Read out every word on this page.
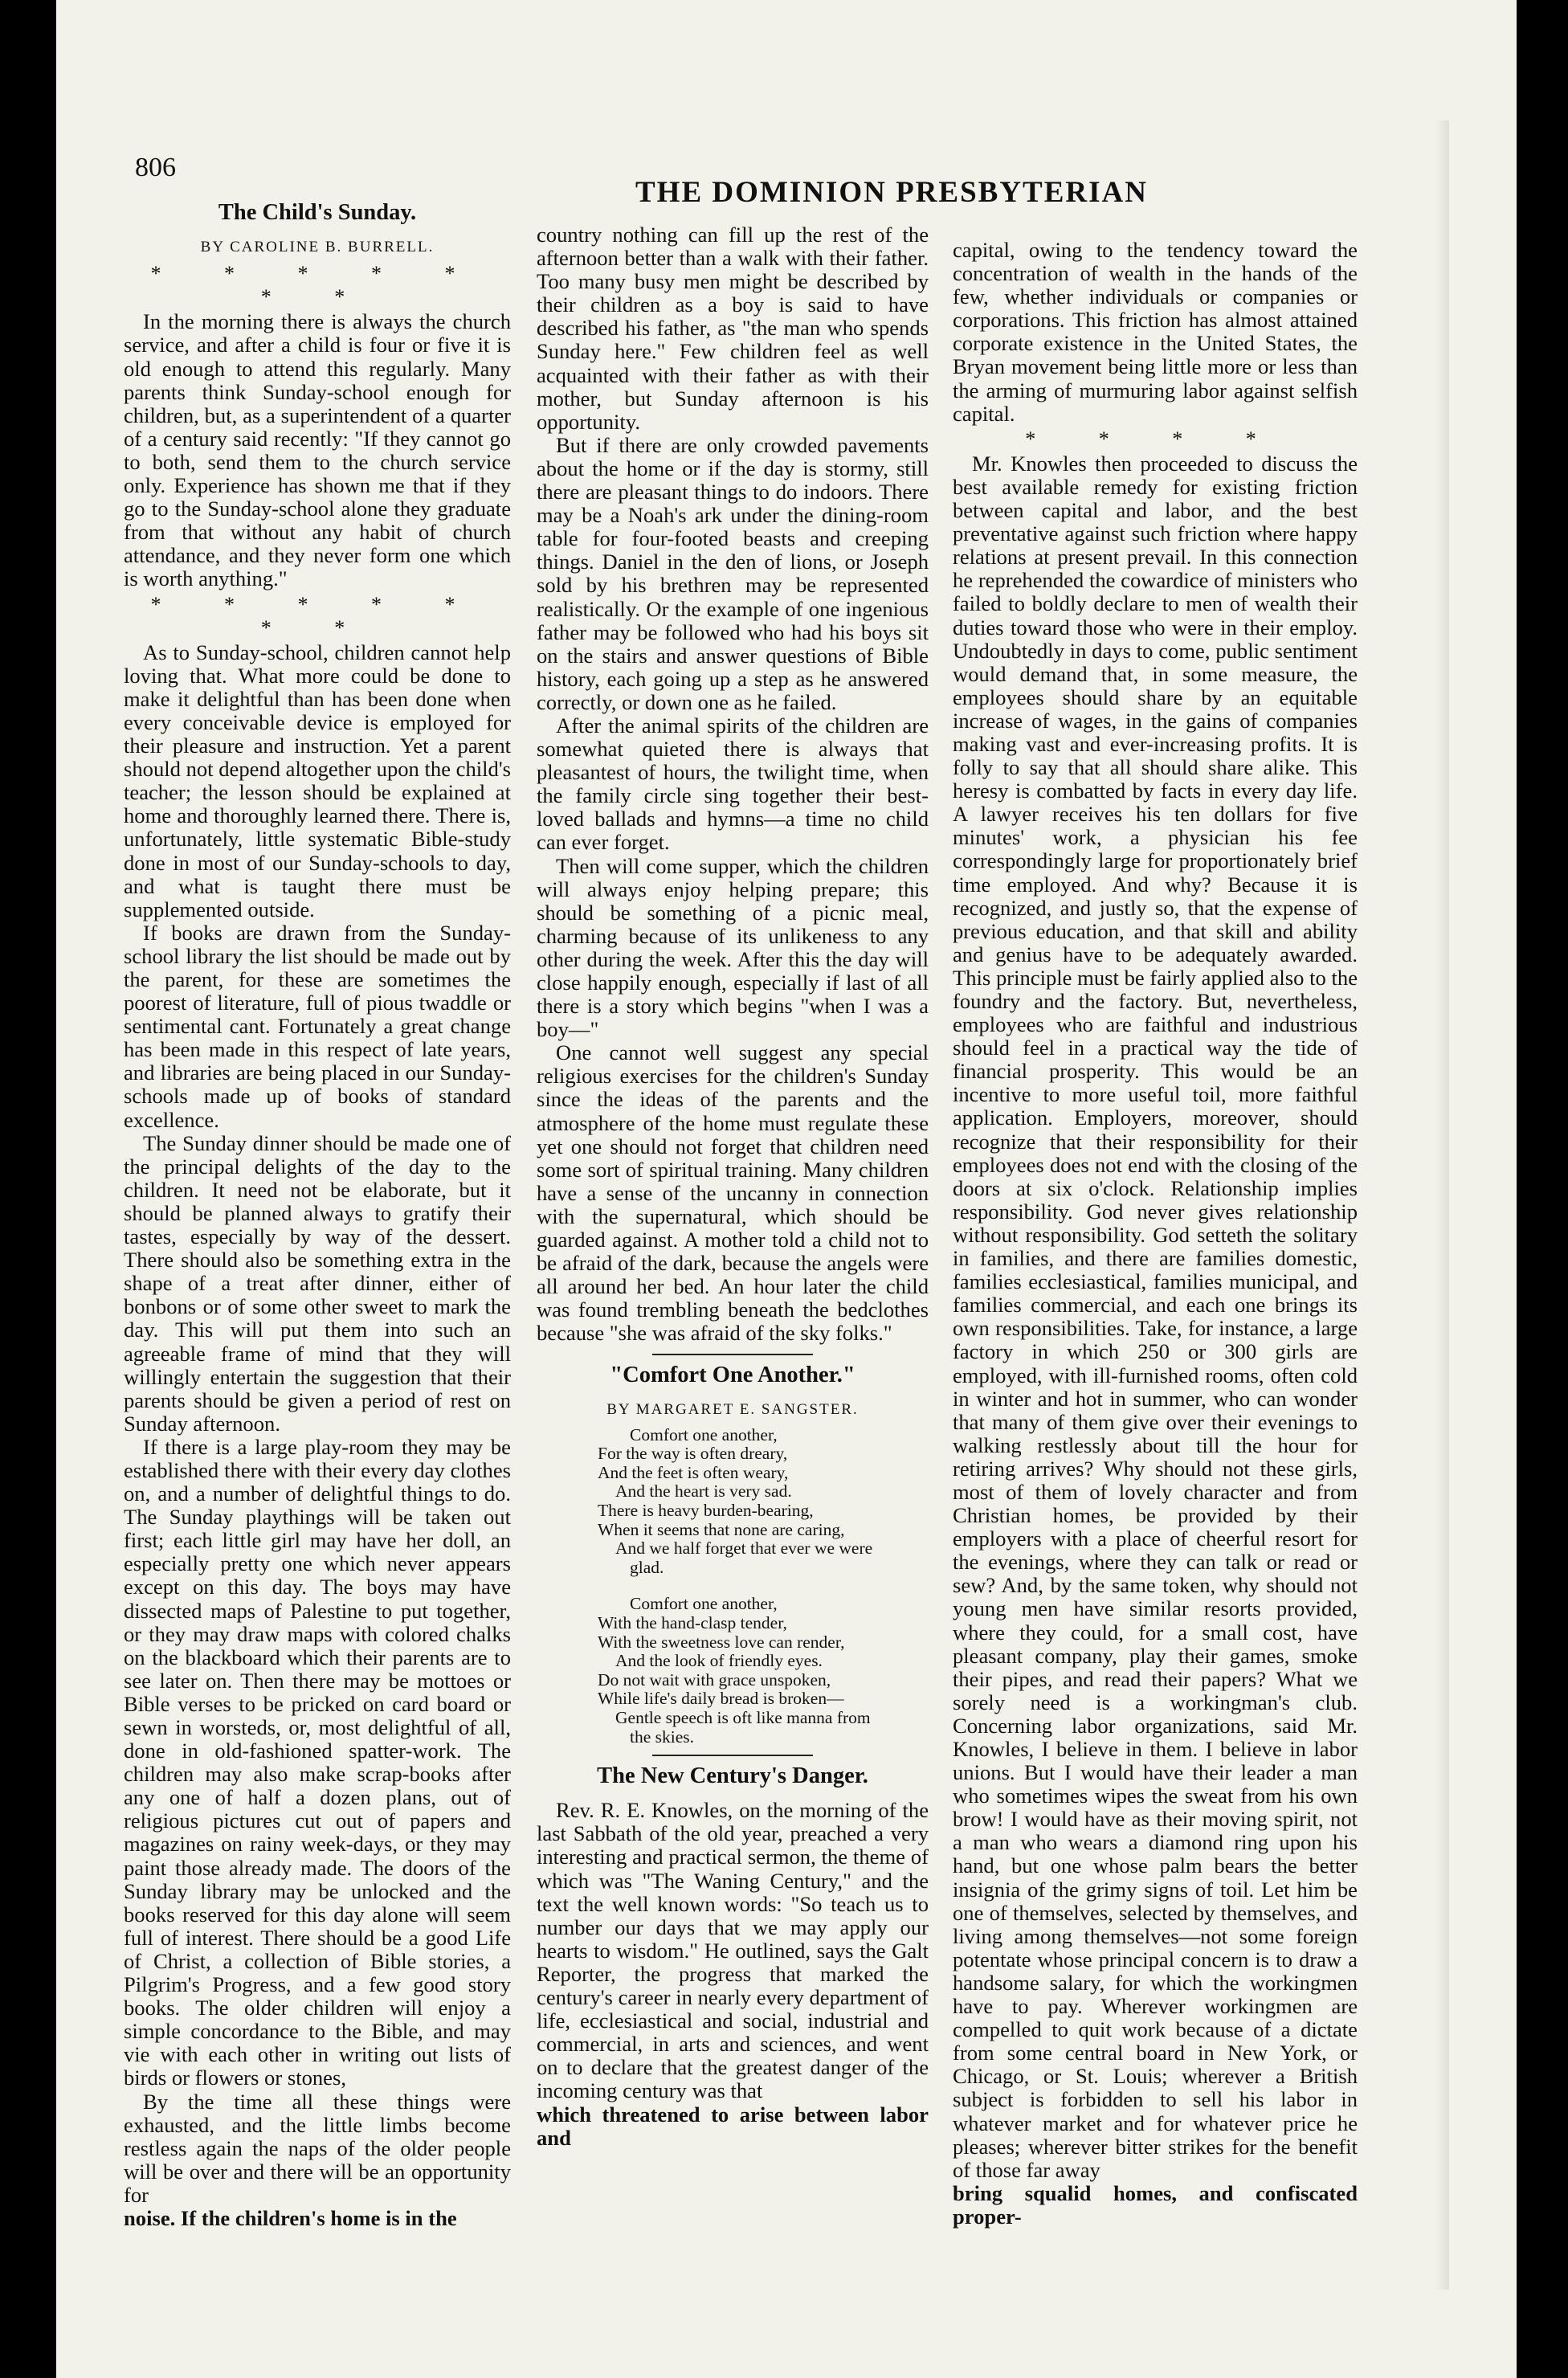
806
THE DOMINION PRESBYTERIAN
The Child's Sunday.
BY CAROLINE B. BURRELL.
* * * * * * *

In the morning there is always the church service, and after a child is four or five it is old enough to attend this regularly. Many parents think Sunday-school enough for children, but, as a superintendent of a quarter of a century said recently: "If they cannot go to both, send them to the church service only. Experience has shown me that if they go to the Sunday-school alone they graduate from that without any habit of church attendance, and they never form one which is worth anything."

* * * * * * *

As to Sunday-school, children cannot help loving that. What more could be done to make it delightful than has been done when every conceivable device is employed for their pleasure and instruction. Yet a parent should not depend altogether upon the child's teacher; the lesson should be explained at home and thoroughly learned there. There is, unfortunately, little systematic Bible-study done in most of our Sunday-schools to day, and what is taught there must be supplemented outside.

If books are drawn from the Sunday-school library the list should be made out by the parent, for these are sometimes the poorest of literature, full of pious twaddle or sentimental cant. Fortunately a great change has been made in this respect of late years, and libraries are being placed in our Sunday-schools made up of books of standard excellence.

The Sunday dinner should be made one of the principal delights of the day to the children. It need not be elaborate, but it should be planned always to gratify their tastes, especially by way of the dessert. There should also be something extra in the shape of a treat after dinner, either of bonbons or of some other sweet to mark the day. This will put them into such an agreeable frame of mind that they will willingly entertain the suggestion that their parents should be given a period of rest on Sunday afternoon.

If there is a large play-room they may be established there with their every day clothes on, and a number of delightful things to do. The Sunday playthings will be taken out first; each little girl may have her doll, an especially pretty one which never appears except on this day. The boys may have dissected maps of Palestine to put together, or they may draw maps with colored chalks on the blackboard which their parents are to see later on. Then there may be mottoes or Bible verses to be pricked on card board or sewn in worsteds, or, most delightful of all, done in old-fashioned spatter-work. The children may also make scrap-books after any one of half a dozen plans, out of religious pictures cut out of papers and magazines on rainy week-days, or they may paint those already made. The doors of the Sunday library may be unlocked and the books reserved for this day alone will seem full of interest. There should be a good Life of Christ, a collection of Bible stories, a Pilgrim's Progress, and a few good story books. The older children will enjoy a simple concordance to the Bible, and may vie with each other in writing out lists of birds or flowers or stones,

By the time all these things were exhausted, and the little limbs become restless again the naps of the older people will be over and there will be an opportunity for

noise. If the children's home is in the

country nothing can fill up the rest of the afternoon better than a walk with their father. Too many busy men might be described by their children as a boy is said to have described his father, as "the man who spends Sunday here." Few children feel as well acquainted with their father as with their mother, but Sunday afternoon is his opportunity.

But if there are only crowded pavements about the home or if the day is stormy, still there are pleasant things to do indoors. There may be a Noah's ark under the dining-room table for four-footed beasts and creeping things. Daniel in the den of lions, or Joseph sold by his brethren may be represented realistically. Or the example of one ingenious father may be followed who had his boys sit on the stairs and answer questions of Bible history, each going up a step as he answered correctly, or down one as he failed.

After the animal spirits of the children are somewhat quieted there is always that pleasantest of hours, the twilight time, when the family circle sing together their best-loved ballads and hymns—a time no child can ever forget.

Then will come supper, which the children will always enjoy helping prepare; this should be something of a picnic meal, charming because of its unlikeness to any other during the week. After this the day will close happily enough, especially if last of all there is a story which begins "when I was a boy—"

One cannot well suggest any special religious exercises for the children's Sunday since the ideas of the parents and the atmosphere of the home must regulate these yet one should not forget that children need some sort of spiritual training. Many children have a sense of the uncanny in connection with the supernatural, which should be guarded against. A mother told a child not to be afraid of the dark, because the angels were all around her bed. An hour later the child was found trembling beneath the bedclothes because "she was afraid of the sky folks."

"Comfort One Another."
BY MARGARET E. SANGSTER.
Comfort one another,
For the way is often dreary,
And the feet is often weary,
And the heart is very sad.
There is heavy burden-bearing,
When it seems that none are caring,
And we half forget that ever we were
glad.
Comfort one another,
With the hand-clasp tender,
With the sweetness love can render,
And the look of friendly eyes.
Do not wait with grace unspoken,
While life's daily bread is broken—
Gentle speech is oft like manna from
the skies.
The New Century's Danger.

Rev. R. E. Knowles, on the morning of the last Sabbath of the old year, preached a very interesting and practical sermon, the theme of which was "The Waning Century," and the text the well known words: "So teach us to number our days that we may apply our hearts to wisdom." He outlined, says the Galt Reporter, the progress that marked the century's career in nearly every department of life, ecclesiastical and social, industrial and commercial, in arts and sciences, and went on to declare that the greatest danger of the incoming century was that

which threatened to arise between labor and

capital, owing to the tendency toward the concentration of wealth in the hands of the few, whether individuals or companies or corporations. This friction has almost attained corporate existence in the United States, the Bryan movement being little more or less than the arming of murmuring labor against selfish capital.

* * * *

Mr. Knowles then proceeded to discuss the best available remedy for existing friction between capital and labor, and the best preventative against such friction where happy relations at present prevail. In this connection he reprehended the cowardice of ministers who failed to boldly declare to men of wealth their duties toward those who were in their employ. Undoubtedly in days to come, public sentiment would demand that, in some measure, the employees should share by an equitable increase of wages, in the gains of companies making vast and ever-increasing profits. It is folly to say that all should share alike. This heresy is combatted by facts in every day life. A lawyer receives his ten dollars for five minutes' work, a physician his fee correspondingly large for proportionately brief time employed. And why? Because it is recognized, and justly so, that the expense of previous education, and that skill and ability and genius have to be adequately awarded. This principle must be fairly applied also to the foundry and the factory. But, nevertheless, employees who are faithful and industrious should feel in a practical way the tide of financial prosperity. This would be an incentive to more useful toil, more faithful application. Employers, moreover, should recognize that their responsibility for their employees does not end with the closing of the doors at six o'clock. Relationship implies responsibility. God never gives relationship without responsibility. God setteth the solitary in families, and there are families domestic, families ecclesiastical, families municipal, and families commercial, and each one brings its own responsibilities. Take, for instance, a large factory in which 250 or 300 girls are employed, with ill-furnished rooms, often cold in winter and hot in summer, who can wonder that many of them give over their evenings to walking restlessly about till the hour for retiring arrives? Why should not these girls, most of them of lovely character and from Christian homes, be provided by their employers with a place of cheerful resort for the evenings, where they can talk or read or sew? And, by the same token, why should not young men have similar resorts provided, where they could, for a small cost, have pleasant company, play their games, smoke their pipes, and read their papers? What we sorely need is a workingman's club. Concerning labor organizations, said Mr. Knowles, I believe in them. I believe in labor unions. But I would have their leader a man who sometimes wipes the sweat from his own brow! I would have as their moving spirit, not a man who wears a diamond ring upon his hand, but one whose palm bears the better insignia of the grimy signs of toil. Let him be one of themselves, selected by themselves, and living among themselves—not some foreign potentate whose principal concern is to draw a handsome salary, for which the workingmen have to pay. Wherever workingmen are compelled to quit work because of a dictate from some central board in New York, or Chicago, or St. Louis; wherever a British subject is forbidden to sell his labor in whatever market and for whatever price he pleases; wherever bitter strikes for the benefit of those far away

bring squalid homes, and confiscated proper-
